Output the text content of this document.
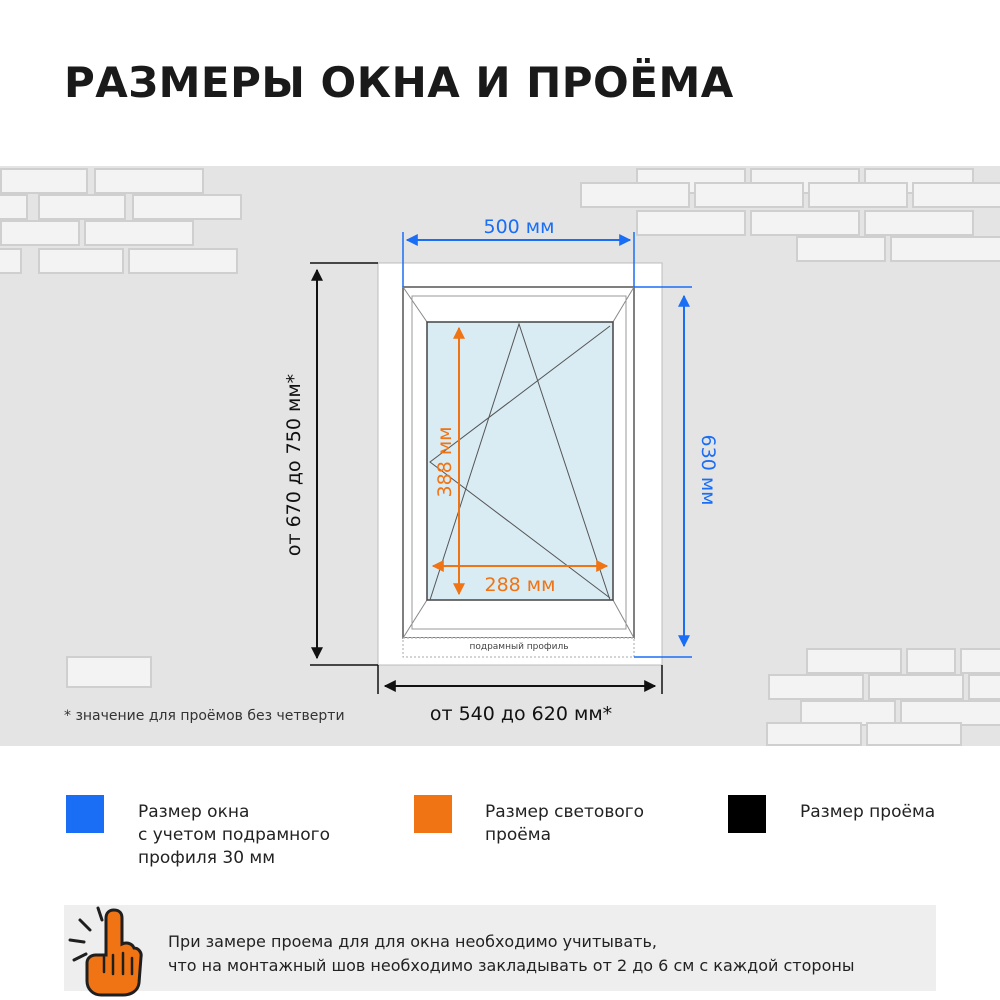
РАЗМЕРЫ ОКНА И ПРОЁМА
подрамный профиль
500 мм
630 мм
388 мм
288 мм
от 670 до 750 мм*
от 540 до 620 мм*
* значение для проёмов без четверти
Размер окна
с учетом подрамного
профиля 30 мм
Размер светового
проёма
Размер проёма
При замере проема для для окна необходимо учитывать,
что на монтажный шов необходимо закладывать от 2 до 6 см с каждой стороны
